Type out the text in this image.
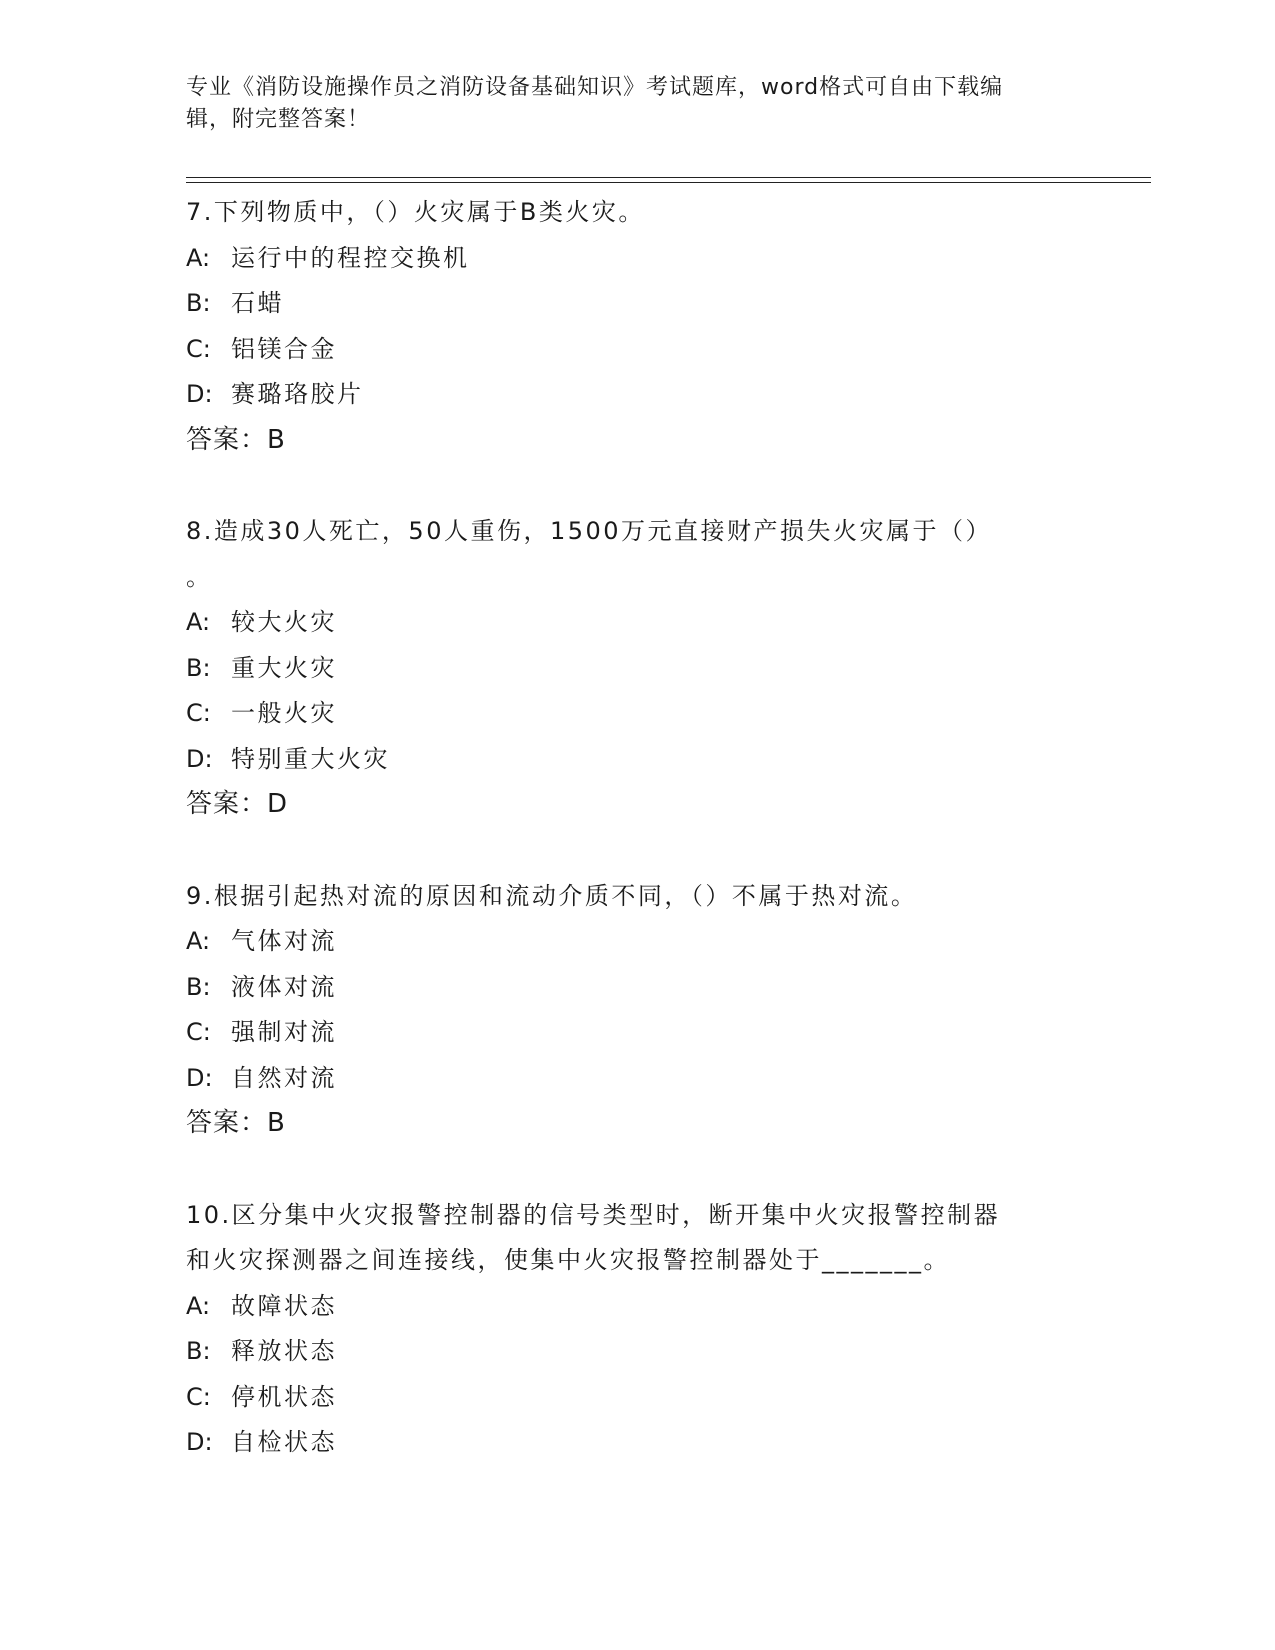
专业《消防设施操作员之消防设备基础知识》考试题库，word格式可自由下载编
辑，附完整答案！
7.下列物质中，（）火灾属于B类火灾。
A: 运行中的程控交换机
B: 石蜡
C: 铝镁合金
D: 赛璐珞胶片
答案：B
8.造成30人死亡，50人重伤，1500万元直接财产损失火灾属于（）
。
A: 较大火灾
B: 重大火灾
C: 一般火灾
D: 特别重大火灾
答案：D
9.根据引起热对流的原因和流动介质不同，（）不属于热对流。
A: 气体对流
B: 液体对流
C: 强制对流
D: 自然对流
答案：B
10.区分集中火灾报警控制器的信号类型时，断开集中火灾报警控制器
和火灾探测器之间连接线，使集中火灾报警控制器处于_______。
A: 故障状态
B: 释放状态
C: 停机状态
D: 自检状态
